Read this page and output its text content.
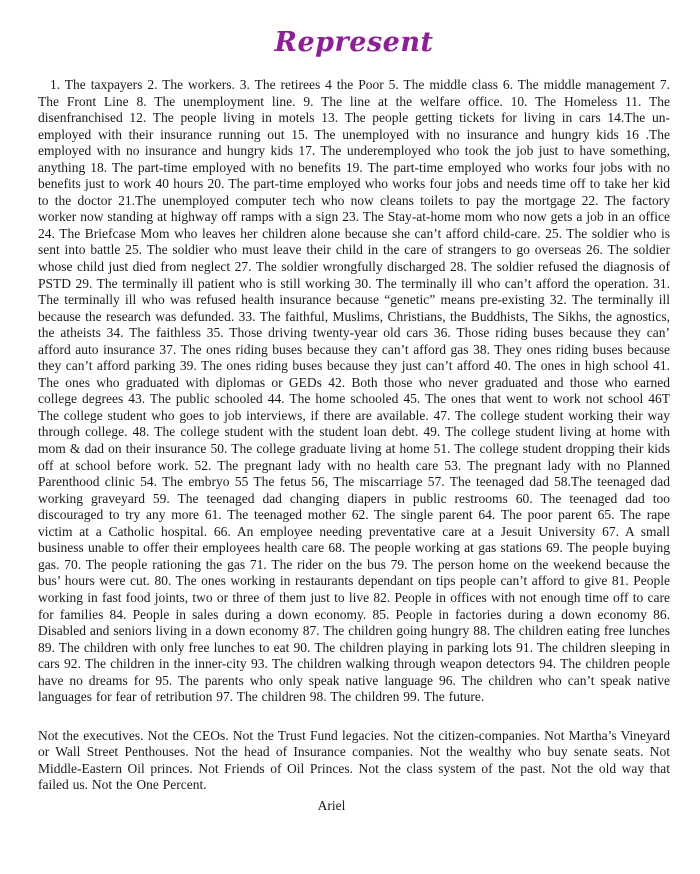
Represent

1. The taxpayers 2. The workers. 3. The retirees 4 the Poor 5. The middle class 6. The middle management 7. The Front Line 8. The unemployment line. 9. The line at the welfare office. 10. The Homeless 11. The disenfranchised 12. The people living in motels 13. The people getting tickets for living in cars 14.The un-employed with their insurance running out 15. The unemployed with no insurance and hungry kids 16 .The employed with no insurance and hungry kids 17. The underemployed who took the job just to have something, anything 18. The part-time employed with no benefits 19. The part-time employed who works four jobs with no benefits just to work 40 hours 20. The part-time employed who works four jobs and needs time off to take her kid to the doctor 21.The unemployed computer tech who now cleans toilets to pay the mortgage 22. The factory worker now standing at highway off ramps with a sign 23. The Stay-at-home mom who now gets a job in an office 24. The Briefcase Mom who leaves her children alone because she can’t afford child-care. 25. The soldier who is sent into battle 25. The soldier who must leave their child in the care of strangers to go overseas 26. The soldier whose child just died from neglect 27. The soldier wrongfully discharged 28. The soldier refused the diagnosis of PSTD 29. The terminally ill patient who is still working 30. The terminally ill who can’t afford the operation. 31. The terminally ill who was refused health insurance because “genetic” means pre-existing 32. The terminally ill because the research was defunded. 33. The faithful, Muslims, Christians, the Buddhists, The Sikhs, the agnostics, the atheists 34. The faithless 35. Those driving twenty-year old cars 36. Those riding buses because they can’ afford auto insurance 37. The ones riding buses because they can’t afford gas 38. They ones riding buses because they can’t afford parking 39. The ones riding buses because they just can’t afford 40. The ones in high school 41. The ones who graduated with diplomas or GEDs 42. Both those who never graduated and those who earned college degrees 43. The public schooled 44. The home schooled 45. The ones that went to work not school 46T The college student who goes to job interviews, if there are available. 47. The college student working their way through college. 48. The college student with the student loan debt. 49. The college student living at home with mom & dad on their insurance 50. The college graduate living at home 51. The college student dropping their kids off at school before work. 52. The pregnant lady with no health care 53. The pregnant lady with no Planned Parenthood clinic 54. The embryo 55 The fetus 56, The miscarriage 57. The teenaged dad 58.The teenaged dad working graveyard 59. The teenaged dad changing diapers in public restrooms 60. The teenaged dad too discouraged to try any more 61. The teenaged mother 62. The single parent 64. The poor parent 65. The rape victim at a Catholic hospital. 66. An employee needing preventative care at a Jesuit University 67. A small business unable to offer their employees health care 68. The people working at gas stations 69. The people buying gas. 70. The people rationing the gas 71. The rider on the bus 79. The person home on the weekend because the bus’ hours were cut. 80. The ones working in restaurants dependant on tips people can’t afford to give 81. People working in fast food joints, two or three of them just to live 82. People in offices with not enough time off to care for families 84. People in sales during a down economy. 85. People in factories during a down economy 86. Disabled and seniors living in a down economy 87. The children going hungry 88. The children eating free lunches 89. The children with only free lunches to eat 90. The children playing in parking lots 91. The children sleeping in cars 92. The children in the inner-city 93. The children walking through weapon detectors 94. The children people have no dreams for 95. The parents who only speak native language 96. The children who can’t speak native languages for fear of retribution 97. The children 98. The children 99. The future.

Not the executives. Not the CEOs. Not the Trust Fund legacies. Not the citizen-companies. Not Martha’s Vineyard or Wall Street Penthouses. Not the head of Insurance companies. Not the wealthy who buy senate seats. Not Middle-Eastern Oil princes. Not Friends of Oil Princes. Not the class system of the past. Not the old way that failed us. Not the One Percent.

Ariel
